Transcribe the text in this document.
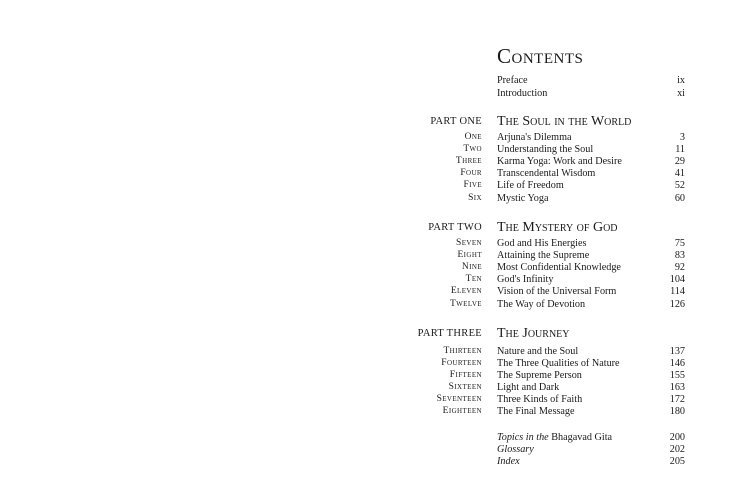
Contents
Preface	ix
Introduction	xi
PART ONE The Soul in the World
One Arjuna's Dilemma	3
Two Understanding the Soul	11
Three Karma Yoga: Work and Desire	29
Four Transcendental Wisdom	41
Five Life of Freedom	52
Six Mystic Yoga	60
PART TWO The Mystery of God
Seven God and His Energies	75
Eight Attaining the Supreme	83
Nine Most Confidential Knowledge	92
Ten God's Infinity	104
Eleven Vision of the Universal Form	114
Twelve The Way of Devotion	126
PART THREE The Journey
Thirteen Nature and the Soul	137
Fourteen The Three Qualities of Nature	146
Fifteen The Supreme Person	155
Sixteen Light and Dark	163
Seventeen Three Kinds of Faith	172
Eighteen The Final Message	180
Topics in the Bhagavad Gita	200
Glossary	202
Index	205
